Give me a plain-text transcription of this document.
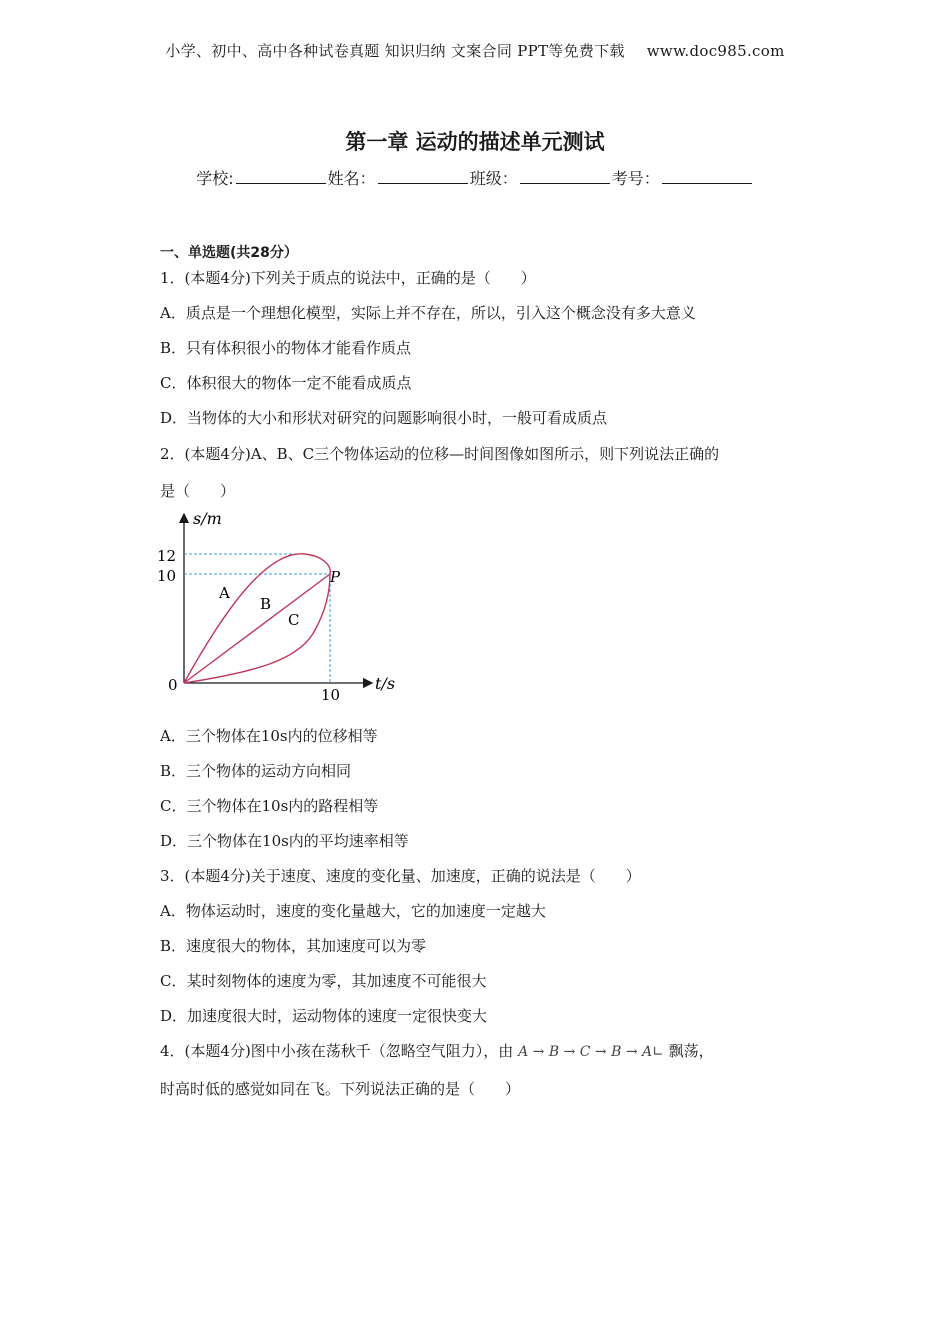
小学、初中、高中各种试卷真题 知识归纳 文案合同 PPT等免费下载 www.doc985.com
第一章 运动的描述单元测试
学校:	姓名：	班级：	考号：
一、单选题(共28分）
1．(本题4分)下列关于质点的说法中，正确的是（　　）
A．质点是一个理想化模型，实际上并不存在，所以，引入这个概念没有多大意义
B．只有体积很小的物体才能看作质点
C．体积很大的物体一定不能看成质点
D．当物体的大小和形状对研究的问题影响很小时，一般可看成质点
2．(本题4分)A、B、C三个物体运动的位移—时间图像如图所示，则下列说法正确的
是（　　）
s/m
t/s
12
10
0
10
P
A
B
C
A．三个物体在10s内的位移相等
B．三个物体的运动方向相同
C．三个物体在10s内的路程相等
D．三个物体在10s内的平均速率相等
3．(本题4分)关于速度、速度的变化量、加速度，正确的说法是（　　）
A．物体运动时，速度的变化量越大，它的加速度一定越大
B．速度很大的物体，其加速度可以为零
C．某时刻物体的速度为零，其加速度不可能很大
D．加速度很大时，运动物体的速度一定很快变大
4．(本题4分)图中小孩在荡秋千（忽略空气阻力），由 A → B → C → B → A∟ 飘荡，
时高时低的感觉如同在飞。下列说法正确的是（　　）
